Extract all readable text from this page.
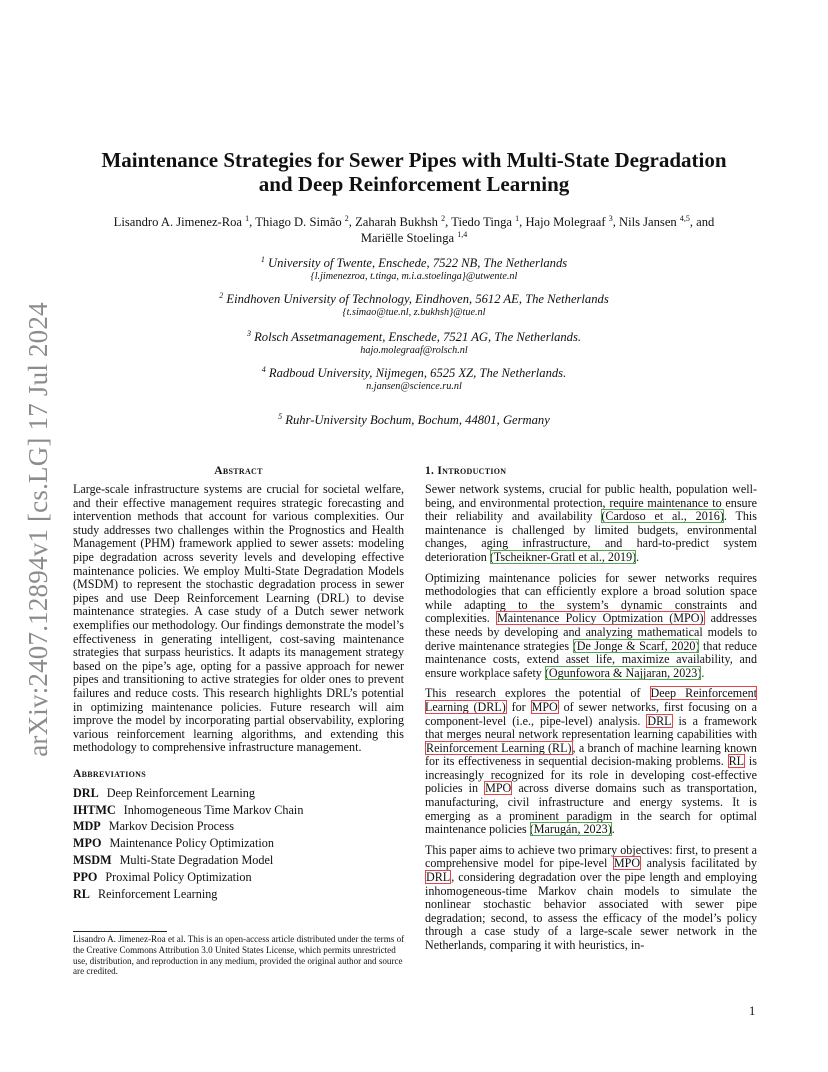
arXiv:2407.12894v1 [cs.LG] 17 Jul 2024
Maintenance Strategies for Sewer Pipes with Multi-State Degradation
and Deep Reinforcement Learning
Lisandro A. Jimenez-Roa $^1$, Thiago D. Simão $^2$, Zaharah Bukhsh $^2$, Tiedo Tinga $^1$, Hajo Molegraaf $^3$, Nils Jansen $^{4,5}$, and
Mariëlle Stoelinga $^{1,4}$
$^1$ University of Twente, Enschede, 7522 NB, The Netherlands
{l.jimenezroa, t.tinga, m.i.a.stoelinga}@utwente.nl
$^2$ Eindhoven University of Technology, Eindhoven, 5612 AE, The Netherlands
{t.simao@tue.nl, z.bukhsh}@tue.nl
$^3$ Rolsch Assetmanagement, Enschede, 7521 AG, The Netherlands.
hajo.molegraaf@rolsch.nl
$^4$ Radboud University, Nijmegen, 6525 XZ, The Netherlands.
n.jansen@science.ru.nl
$^5$ Ruhr-University Bochum, Bochum, 44801, Germany
Abstract

Large-scale infrastructure systems are crucial for societal welfare, and their effective management requires strategic forecasting and intervention methods that account for various complexities. Our study addresses two challenges within the Prognostics and Health Management (PHM) framework applied to sewer assets: modeling pipe degradation across severity levels and developing effective maintenance policies. We employ Multi-State Degradation Models (MSDM) to represent the stochastic degradation process in sewer pipes and use Deep Reinforcement Learning (DRL) to devise maintenance strategies. A case study of a Dutch sewer network exemplifies our methodology. Our findings demonstrate the model’s effectiveness in generating intelligent, cost-saving maintenance strategies that surpass heuristics. It adapts its management strategy based on the pipe’s age, opting for a passive approach for newer pipes and transitioning to active strategies for older ones to prevent failures and reduce costs. This research highlights DRL’s potential in optimizing maintenance policies. Future research will aim improve the model by incorporating partial observability, exploring various reinforcement learning algorithms, and extending this methodology to comprehensive infrastructure management.

Abbreviations
DRL Deep Reinforcement Learning
IHTMC Inhomogeneous Time Markov Chain
MDP Markov Decision Process
MPO Maintenance Policy Optimization
MSDM Multi-State Degradation Model
PPO Proximal Policy Optimization
RL Reinforcement Learning
Lisandro A. Jimenez-Roa et al. This is an open-access article distributed under the terms of the Creative Commons Attribution 3.0 United States License, which permits unrestricted use, distribution, and reproduction in any medium, provided the original author and source are credited.
1. Introduction

Sewer network systems, crucial for public health, population well-being, and environmental protection, require maintenance to ensure their reliability and availability (Cardoso et al., 2016). This maintenance is challenged by limited budgets, environmental changes, aging infrastructure, and hard-to-predict system deterioration (Tscheikner-Gratl et al., 2019).

Optimizing maintenance policies for sewer networks requires methodologies that can efficiently explore a broad solution space while adapting to the system’s dynamic constraints and complexities. Maintenance Policy Optmization (MPO) addresses these needs by developing and analyzing mathematical models to derive maintenance strategies (De Jonge & Scarf, 2020) that reduce maintenance costs, extend asset life, maximize availability, and ensure workplace safety (Ogunfowora & Najjaran, 2023).

This research explores the potential of Deep Reinforcement Learning (DRL) for MPO of sewer networks, first focusing on a component-level (i.e., pipe-level) analysis. DRL is a framework that merges neural network representation learning capabilities with Reinforcement Learning (RL), a branch of machine learning known for its effectiveness in sequential decision-making problems. RL is increasingly recognized for its role in developing cost-effective policies in MPO across diverse domains such as transportation, manufacturing, civil infrastructure and energy systems. It is emerging as a prominent paradigm in the search for optimal maintenance policies (Marugán, 2023).

This paper aims to achieve two primary objectives: first, to present a comprehensive model for pipe-level MPO analysis facilitated by DRL, considering degradation over the pipe length and employing inhomogeneous-time Markov chain models to simulate the nonlinear stochastic behavior associated with sewer pipe degradation; second, to assess the efficacy of the model’s policy through a case study of a large-scale sewer network in the Netherlands, comparing it with heuristics, in-

1
